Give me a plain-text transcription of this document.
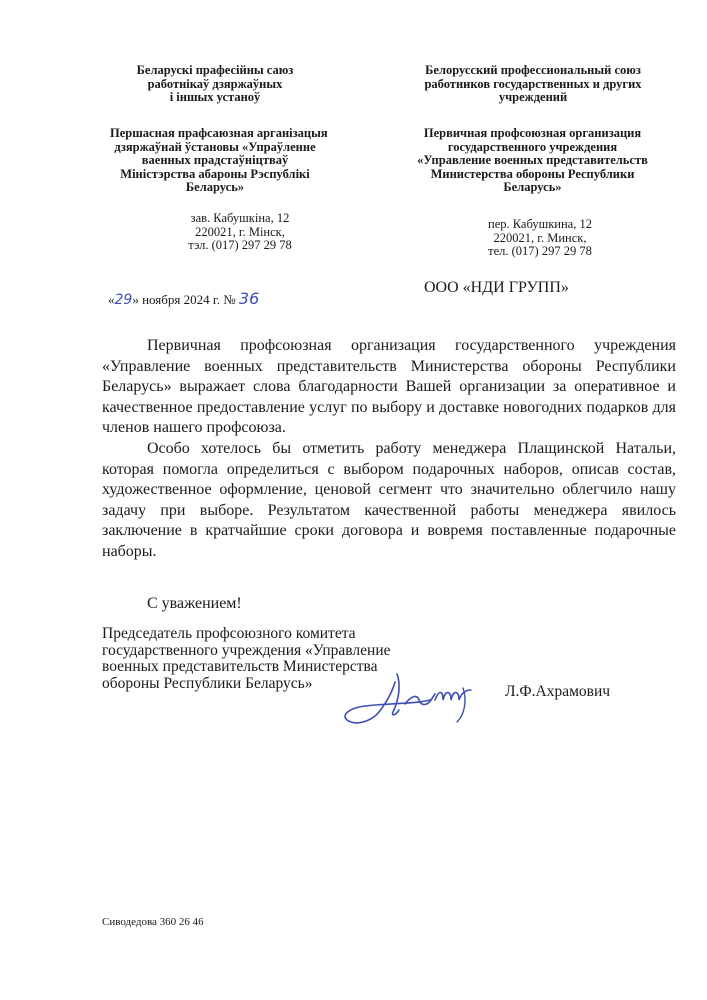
Беларускі прафесійны саюз
работнікаў дзяржаўных
і іншых устаноў
Першасная прафсаюзная арганізацыя
дзяржаўнай ўстановы «Упраўленне
ваенных прадстаўніцтваў
Міністэрства абароны Рэспублікі
Беларусь»
зав. Кабушкіна, 12
220021, г. Мінск,
тэл. (017) 297 29 78
Белорусский профессиональный союз
работников государственных и других
учреждений
Первичная профсоюзная организация
государственного учреждения
«Управление военных представительств
Министерства обороны Республики
Беларусь»
пер. Кабушкина, 12
220021, г. Минск,
тел. (017) 297 29 78
«29» ноября 2024 г. № 36
ООО «НДИ ГРУПП»

Первичная профсоюзная организация государственного учреждения «Управление военных представительств Министерства обороны Республики Беларусь» выражает слова благодарности Вашей организации за оперативное и качественное предоставление услуг по выбору и доставке новогодних подарков для членов нашего профсоюза.

Особо хотелось бы отметить работу менеджера Плащинской Натальи, которая помогла определиться с выбором подарочных наборов, описав состав, художественное оформление, ценовой сегмент что значительно облегчило нашу задачу при выборе. Результатом качественной работы менеджера явилось заключение в кратчайшие сроки договора и вовремя поставленные подарочные наборы.

С уважением!
Председатель профсоюзного комитета
государственного учреждения «Управление
военных представительств Министерства
обороны Республики Беларусь»	Л.Ф.Ахрамович
Сиводедова 360 26 46
